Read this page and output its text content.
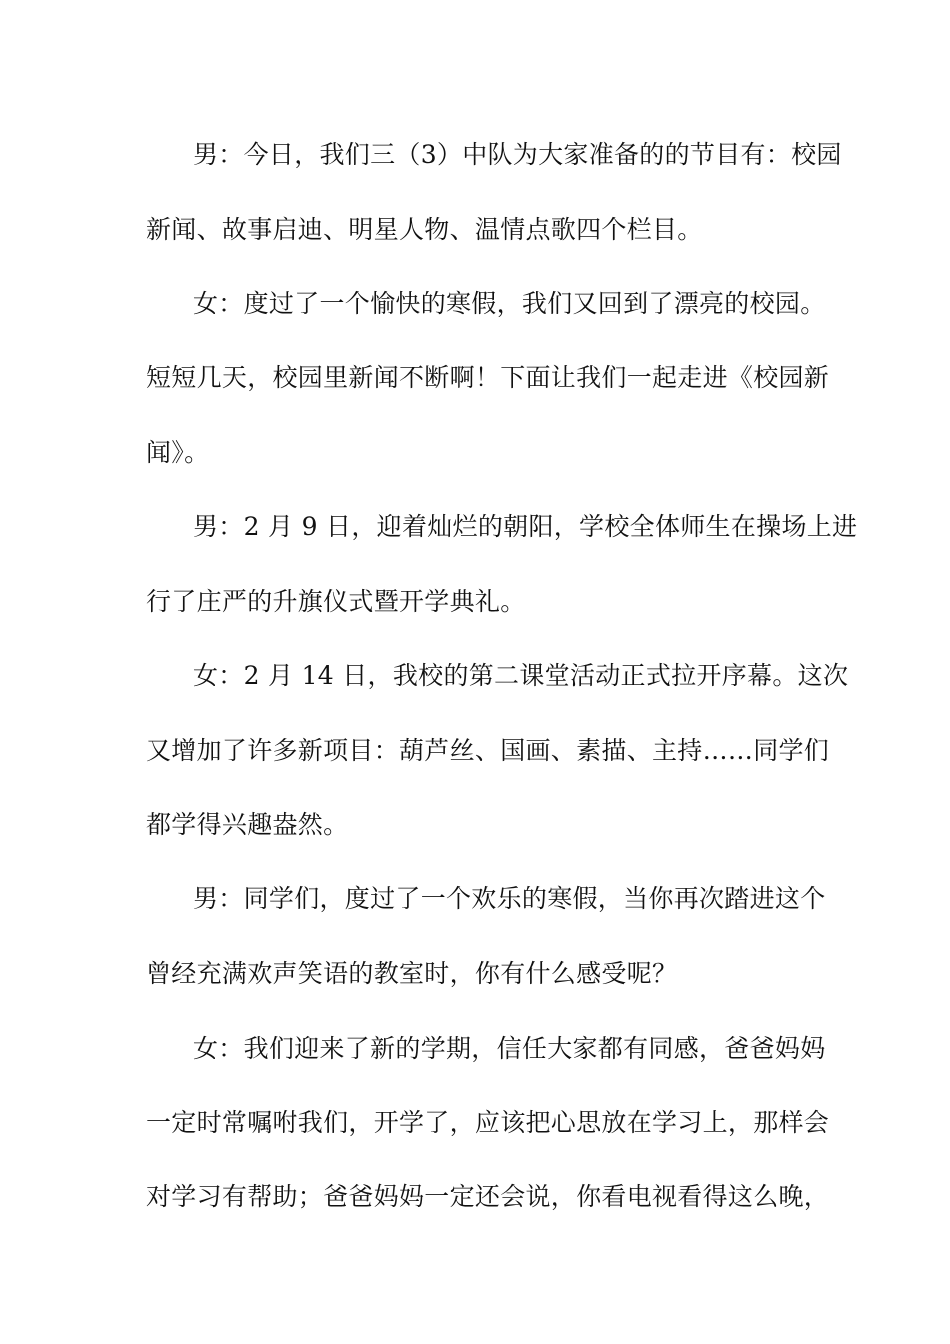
男：今日，我们三（3）中队为大家准备的的节目有：校园
新闻、故事启迪、明星人物、温情点歌四个栏目。
女：度过了一个愉快的寒假，我们又回到了漂亮的校园。
短短几天，校园里新闻不断啊！下面让我们一起走进《校园新
闻》。
男：2 月 9 日，迎着灿烂的朝阳，学校全体师生在操场上进
行了庄严的升旗仪式暨开学典礼。
女：2 月 14 日，我校的第二课堂活动正式拉开序幕。这次
又增加了许多新项目：葫芦丝、国画、素描、主持……同学们
都学得兴趣盎然。
男：同学们，度过了一个欢乐的寒假，当你再次踏进这个
曾经充满欢声笑语的教室时，你有什么感受呢？
女：我们迎来了新的学期，信任大家都有同感，爸爸妈妈
一定时常嘱咐我们，开学了，应该把心思放在学习上，那样会
对学习有帮助；爸爸妈妈一定还会说，你看电视看得这么晚，
